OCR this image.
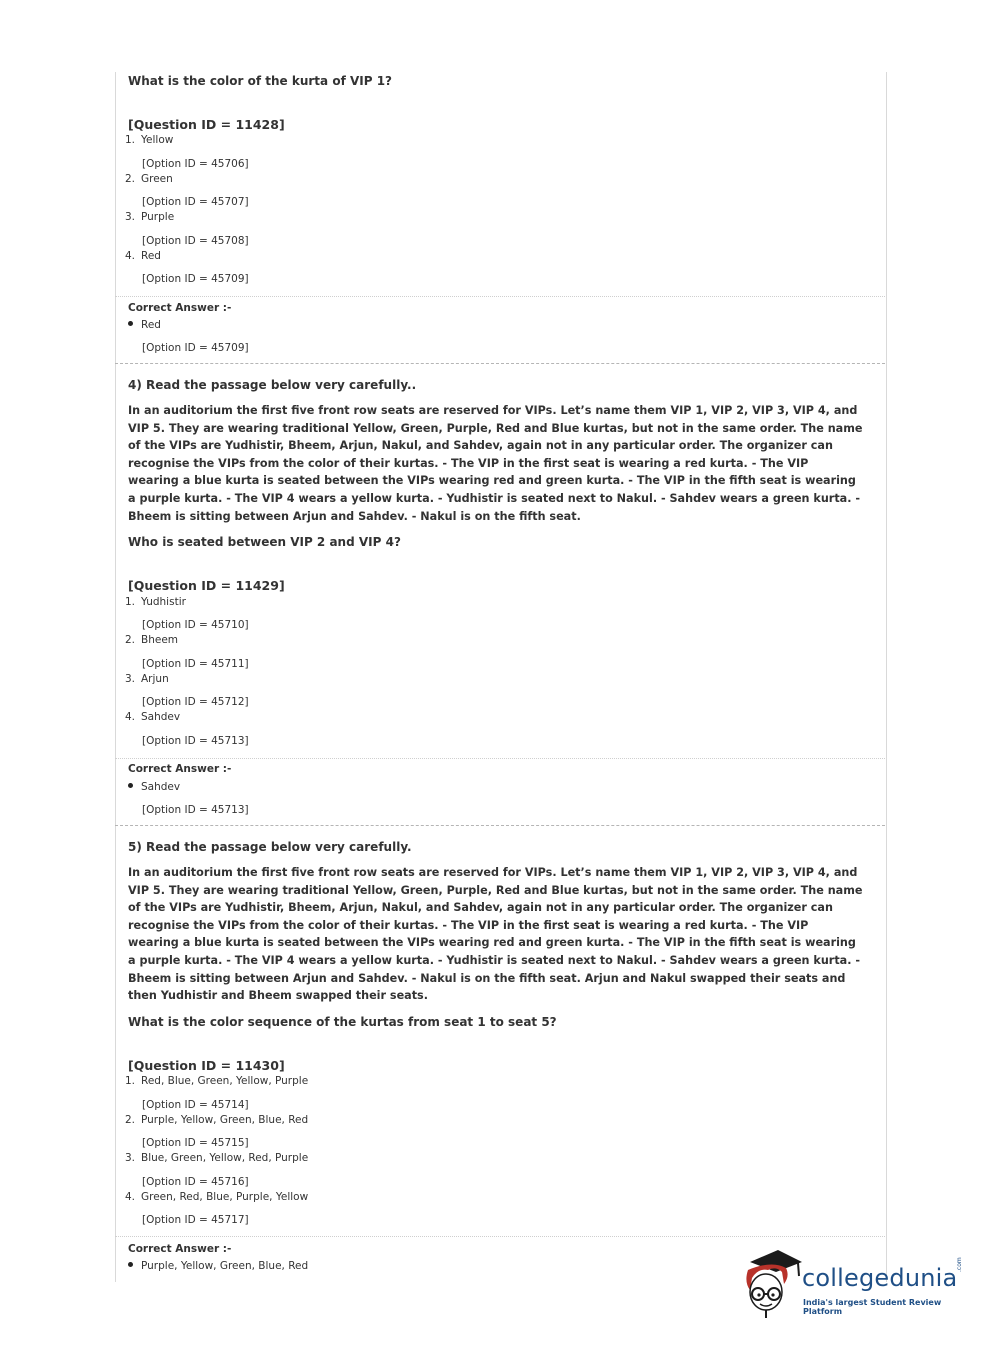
What is the color of the kurta of VIP 1?
[Question ID = 11428]
1. Yellow
[Option ID = 45706]
2. Green
[Option ID = 45707]
3. Purple
[Option ID = 45708]
4. Red
[Option ID = 45709]
Correct Answer :-
Red
[Option ID = 45709]
4) Read the passage below very carefully..
In an auditorium the first five front row seats are reserved for VIPs. Let’s name them VIP 1, VIP 2, VIP 3, VIP 4, and VIP 5. They are wearing traditional Yellow, Green, Purple, Red and Blue kurtas, but not in the same order. The name of the VIPs are Yudhistir, Bheem, Arjun, Nakul, and Sahdev, again not in any particular order. The organizer can recognise the VIPs from the color of their kurtas. - The VIP in the first seat is wearing a red kurta. - The VIP wearing a blue kurta is seated between the VIPs wearing red and green kurta. - The VIP in the fifth seat is wearing a purple kurta. - The VIP 4 wears a yellow kurta. - Yudhistir is seated next to Nakul. - Sahdev wears a green kurta. - Bheem is sitting between Arjun and Sahdev. - Nakul is on the fifth seat.
Who is seated between VIP 2 and VIP 4?
[Question ID = 11429]
1. Yudhistir
[Option ID = 45710]
2. Bheem
[Option ID = 45711]
3. Arjun
[Option ID = 45712]
4. Sahdev
[Option ID = 45713]
Correct Answer :-
Sahdev
[Option ID = 45713]
5) Read the passage below very carefully.
In an auditorium the first five front row seats are reserved for VIPs. Let’s name them VIP 1, VIP 2, VIP 3, VIP 4, and VIP 5. They are wearing traditional Yellow, Green, Purple, Red and Blue kurtas, but not in the same order. The name of the VIPs are Yudhistir, Bheem, Arjun, Nakul, and Sahdev, again not in any particular order. The organizer can recognise the VIPs from the color of their kurtas. - The VIP in the first seat is wearing a red kurta. - The VIP wearing a blue kurta is seated between the VIPs wearing red and green kurta. - The VIP in the fifth seat is wearing a purple kurta. - The VIP 4 wears a yellow kurta. - Yudhistir is seated next to Nakul. - Sahdev wears a green kurta. - Bheem is sitting between Arjun and Sahdev. - Nakul is on the fifth seat. Arjun and Nakul swapped their seats and then Yudhistir and Bheem swapped their seats.
What is the color sequence of the kurtas from seat 1 to seat 5?
[Question ID = 11430]
1. Red, Blue, Green, Yellow, Purple
[Option ID = 45714]
2. Purple, Yellow, Green, Blue, Red
[Option ID = 45715]
3. Blue, Green, Yellow, Red, Purple
[Option ID = 45716]
4. Green, Red, Blue, Purple, Yellow
[Option ID = 45717]
Correct Answer :-
Purple, Yellow, Green, Blue, Red	collegedunia
.com
India's largest Student Review Platform
